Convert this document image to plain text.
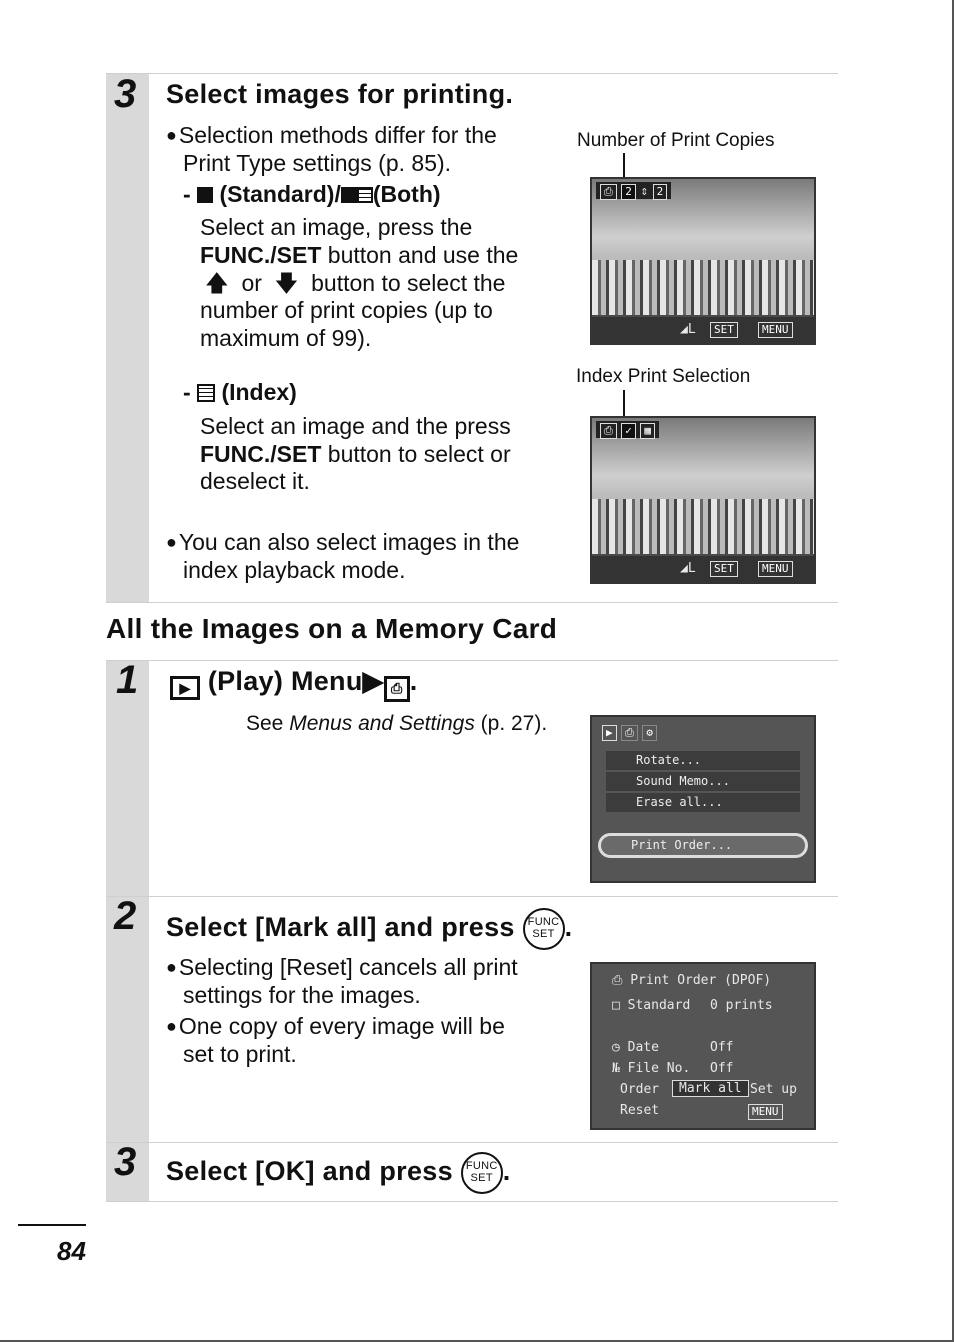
3 Select images for printing.
● Selection methods differ for the
Print Type settings (p. 85).
-  (Standard)/ (Both)
Select an image, press the
FUNC./SET button and use the
🡅 or 🡇 button to select the
number of print copies (up to
maximum of 99).
-  (Index)
Select an image and the press
FUNC./SET button to select or
deselect it.
● You can also select images in the
index playback mode.
Number of Print Copies
⎙ 2 ⇕ 2
◢L	SET	MENU
Index Print Selection
⎙ ✓ ▦
◢L	SET	MENU
All the Images on a Memory Card
1	▶ (Play) Menu▶ ⎙ .
See Menus and Settings (p. 27).	▶ ⎙ ⚙
Rotate...
Sound Memo...
Erase all...
Print Order...
2 Select [Mark all] and press FUNC
SET .
● Selecting [Reset] cancels all print
settings for the images.
● One copy of every image will be
set to print.
⎙ Print Order (DPOF)
□ Standard 0 prints
◷ Date	Off
№ File No. Off
Order	Mark all Set up
Reset	MENU
3 Select [OK] and press FUNC
SET .
84
